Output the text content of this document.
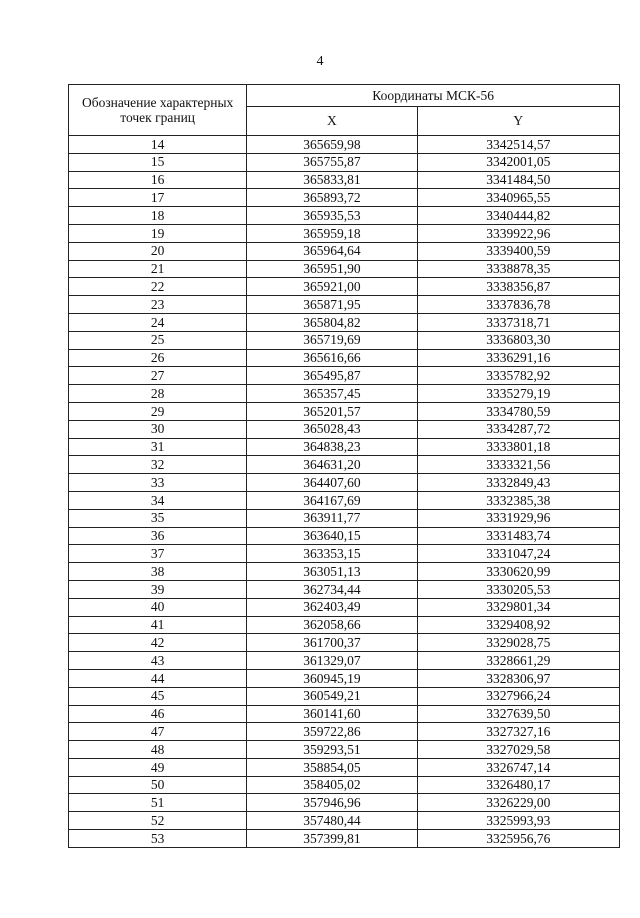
4
Обозначение характерных точек границ	Координаты МСК-56	
	X	Y
14	365659,98	3342514,57
15	365755,87	3342001,05
16	365833,81	3341484,50
17	365893,72	3340965,55
18	365935,53	3340444,82
19	365959,18	3339922,96
20	365964,64	3339400,59
21	365951,90	3338878,35
22	365921,00	3338356,87
23	365871,95	3337836,78
24	365804,82	3337318,71
25	365719,69	3336803,30
26	365616,66	3336291,16
27	365495,87	3335782,92
28	365357,45	3335279,19
29	365201,57	3334780,59
30	365028,43	3334287,72
31	364838,23	3333801,18
32	364631,20	3333321,56
33	364407,60	3332849,43
34	364167,69	3332385,38
35	363911,77	3331929,96
36	363640,15	3331483,74
37	363353,15	3331047,24
38	363051,13	3330620,99
39	362734,44	3330205,53
40	362403,49	3329801,34
41	362058,66	3329408,92
42	361700,37	3329028,75
43	361329,07	3328661,29
44	360945,19	3328306,97
45	360549,21	3327966,24
46	360141,60	3327639,50
47	359722,86	3327327,16
48	359293,51	3327029,58
49	358854,05	3326747,14
50	358405,02	3326480,17
51	357946,96	3326229,00
52	357480,44	3325993,93
53	357399,81	3325956,76
